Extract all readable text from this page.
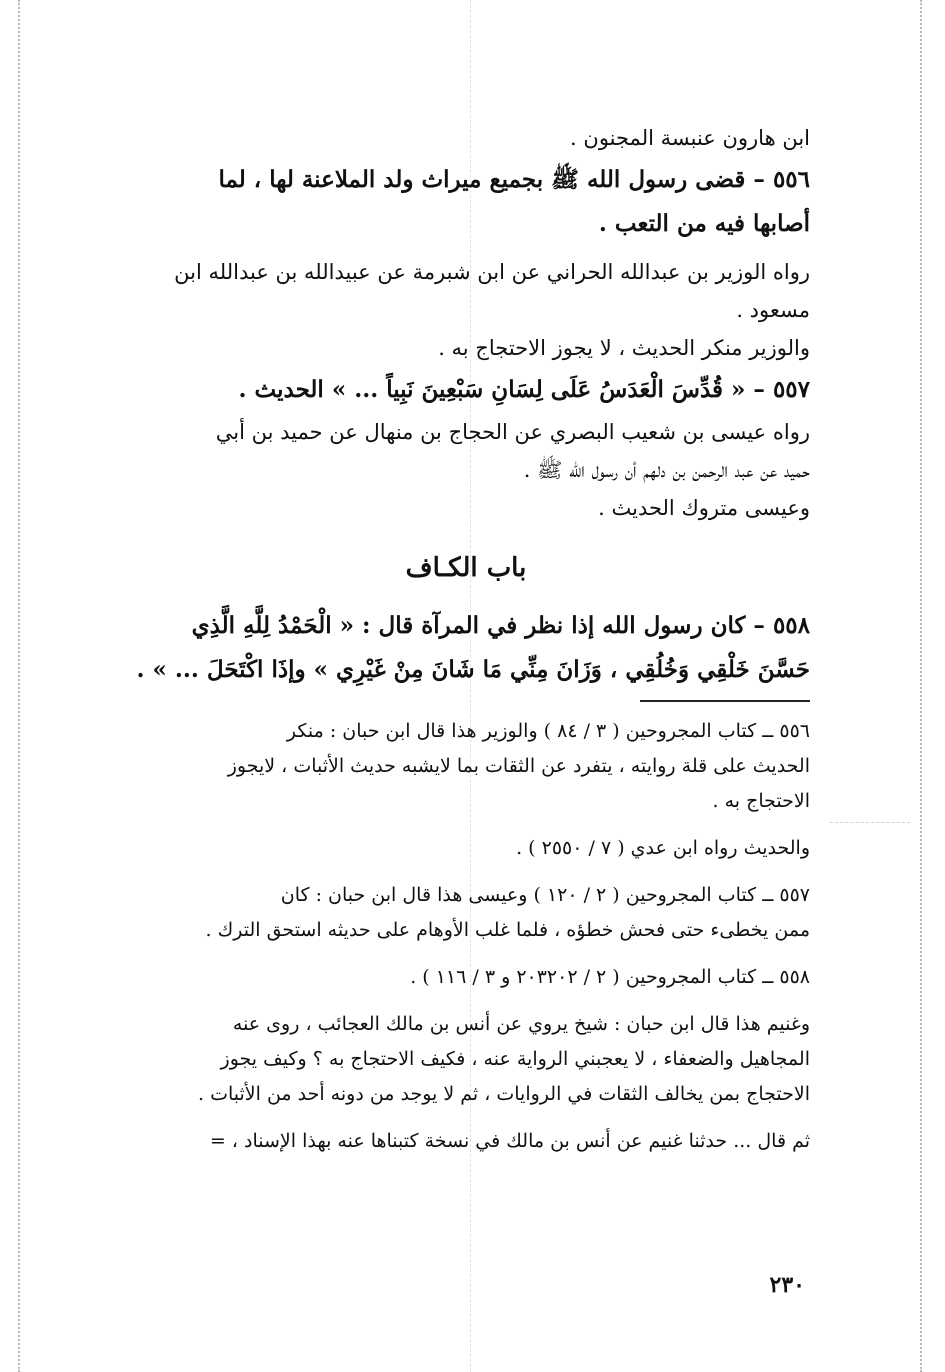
ابن هارون عنبسة المجنون .

٥٥٦ – قضى رسول الله ﷺ بجميع ميراث ولد الملاعنة لها ، لما

أصابها فيه من التعب .

رواه الوزير بن عبدالله الحراني عن ابن شبرمة عن عبيدالله بن عبدالله ابن

مسعود .

والوزير منكر الحديث ، لا يجوز الاحتجاج به .

٥٥٧ – « قُدِّسَ الْعَدَسُ عَلَى لِسَانِ سَبْعِينَ نَبِياً ... » الحديث .

رواه عيسى بن شعيب البصري عن الحجاج بن منهال عن حميد بن أبي

حميد عن عبد الرحمن بن دلهم أن رسول الله ﷺ .

وعيسى متروك الحديث .

باب الكـاف

٥٥٨ – كان رسول الله إذا نظر في المرآة قال : « الْحَمْدُ لِلَّهِ الَّذِي

حَسَّنَ خَلْقِي وَخُلُقِي ، وَزَانَ مِنِّي مَا شَانَ مِنْ غَيْرِي » وإذَا اكْتَحَلَ ... » .

٥٥٦ ــ كتاب المجروحين ( ٣ / ٨٤ ) والوزير هذا قال ابن حبان : منكر

الحديث على قلة روايته ، يتفرد عن الثقات بما لايشبه حديث الأثبات ، لايجوز

الاحتجاج به .

والحديث رواه ابن عدي ( ٧ / ٢٥٥٠ ) .

٥٥٧ ــ كتاب المجروحين ( ٢ / ١٢٠ ) وعيسى هذا قال ابن حبان : كان

ممن يخطىء حتى فحش خطؤه ، فلما غلب الأوهام على حديثه استحق الترك .

٥٥٨ ــ كتاب المجروحين ( ٢ / ٢٠٣٢٠٢ و ٣ / ١١٦ ) .

وغنيم هذا قال ابن حبان : شيخ يروي عن أنس بن مالك العجائب ، روى عنه

المجاهيل والضعفاء ، لا يعجبني الرواية عنه ، فكيف الاحتجاج به ؟ وكيف يجوز

الاحتجاج بمن يخالف الثقات في الروايات ، ثم لا يوجد من دونه أحد من الأثبات .

ثم قال ... حدثنا غنيم عن أنس بن مالك في نسخة كتبناها عنه بهذا الإسناد ، =

٢٣٠
